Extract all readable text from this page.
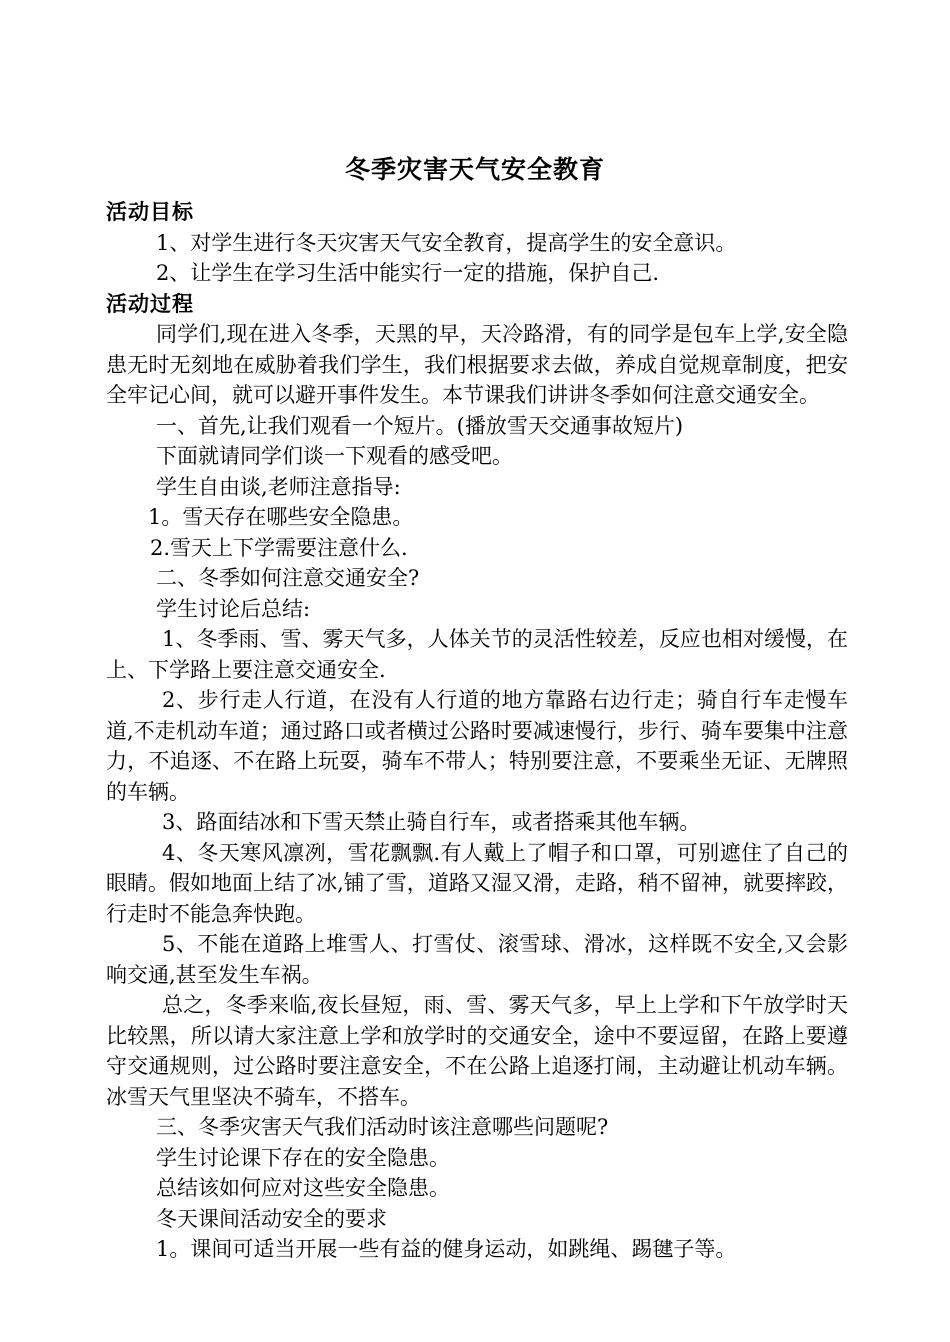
冬季灾害天气安全教育

活动目标

1、对学生进行冬天灾害天气安全教育，提高学生的安全意识。

2、让学生在学习生活中能实行一定的措施，保护自己.

活动过程

同学们,现在进入冬季，天黑的早，天冷路滑，有的同学是包车上学,安全隐患无时无刻地在威胁着我们学生，我们根据要求去做，养成自觉规章制度，把安全牢记心间，就可以避开事件发生。本节课我们讲讲冬季如何注意交通安全。

一、首先,让我们观看一个短片。(播放雪天交通事故短片)

下面就请同学们谈一下观看的感受吧。

学生自由谈,老师注意指导:

1。雪天存在哪些安全隐患。

2.雪天上下学需要注意什么.

二、冬季如何注意交通安全?

学生讨论后总结:

1、冬季雨、雪、雾天气多，人体关节的灵活性较差，反应也相对缓慢，在上、下学路上要注意交通安全.

2、步行走人行道，在没有人行道的地方靠路右边行走；骑自行车走慢车道,不走机动车道；通过路口或者横过公路时要减速慢行，步行、骑车要集中注意力，不追逐、不在路上玩耍，骑车不带人；特别要注意，不要乘坐无证、无牌照的车辆。

3、路面结冰和下雪天禁止骑自行车，或者搭乘其他车辆。

4、冬天寒风凛冽，雪花飘飘.有人戴上了帽子和口罩，可别遮住了自己的眼睛。假如地面上结了冰,铺了雪，道路又湿又滑，走路，稍不留神，就要摔跤，行走时不能急奔快跑。

5、不能在道路上堆雪人、打雪仗、滚雪球、滑冰，这样既不安全,又会影响交通,甚至发生车祸。

总之，冬季来临,夜长昼短，雨、雪、雾天气多，早上上学和下午放学时天比较黑，所以请大家注意上学和放学时的交通安全，途中不要逗留，在路上要遵守交通规则，过公路时要注意安全，不在公路上追逐打闹，主动避让机动车辆。冰雪天气里坚决不骑车，不搭车。

三、冬季灾害天气我们活动时该注意哪些问题呢?

学生讨论课下存在的安全隐患。

总结该如何应对这些安全隐患。

冬天课间活动安全的要求

1。课间可适当开展一些有益的健身运动，如跳绳、踢毽子等。
